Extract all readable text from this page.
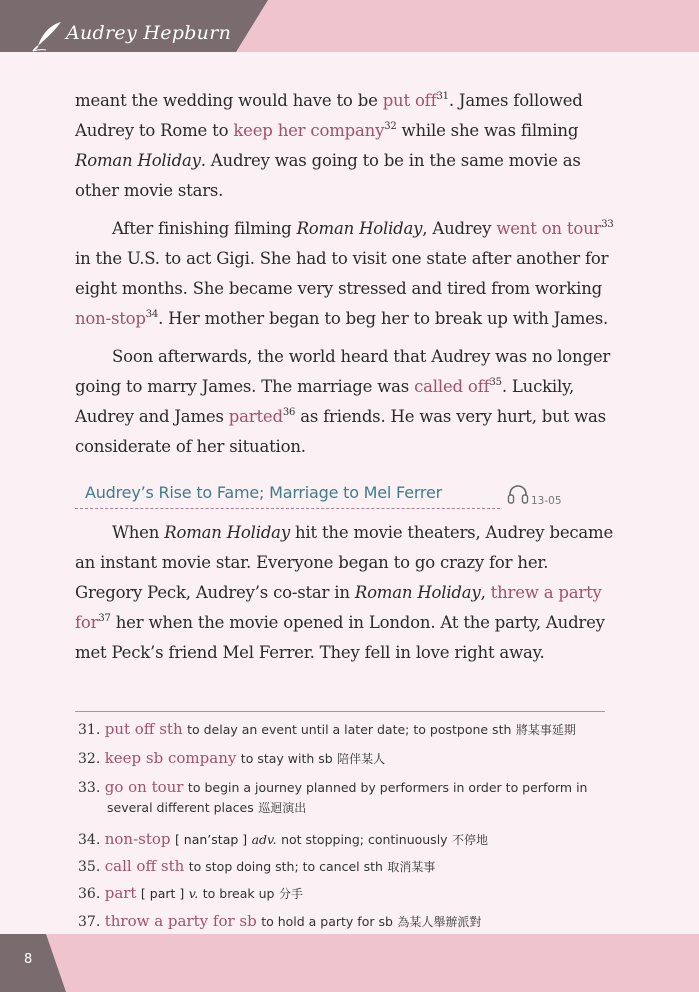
Audrey Hepburn

meant the wedding would have to be put off$^{31}$. James followed Audrey to Rome to keep her company$^{32}$ while she was filming Roman Holiday. Audrey was going to be in the same movie as other movie stars.

After finishing filming Roman Holiday, Audrey went on tour$^{33}$ in the U.S. to act Gigi. She had to visit one state after another for eight months. She became very stressed and tired from working non-stop$^{34}$. Her mother began to beg her to break up with James.

Soon afterwards, the world heard that Audrey was no longer going to marry James. The marriage was called off$^{35}$. Luckily, Audrey and James parted$^{36}$ as friends. He was very hurt, but was considerate of her situation.

Audrey’s Rise to Fame; Marriage to Mel Ferrer	13-05

When Roman Holiday hit the movie theaters, Audrey became an instant movie star. Everyone began to go crazy for her. Gregory Peck, Audrey’s co-star in Roman Holiday, threw a party for$^{37}$ her when the movie opened in London. At the party, Audrey met Peck’s friend Mel Ferrer. They fell in love right away.

31. put off sth to delay an event until a later date; to postpone sth 將某事延期
32. keep sb company to stay with sb 陪伴某人
33. go on tour to begin a journey planned by performers in order to perform in
several different places 巡迴演出
34. non-stop [ nan’stap ] adv. not stopping; continuously 不停地
35. call off sth to stop doing sth; to cancel sth 取消某事
36. part [ part ] v. to break up 分手
37. throw a party for sb to hold a party for sb 為某人舉辦派對
8
